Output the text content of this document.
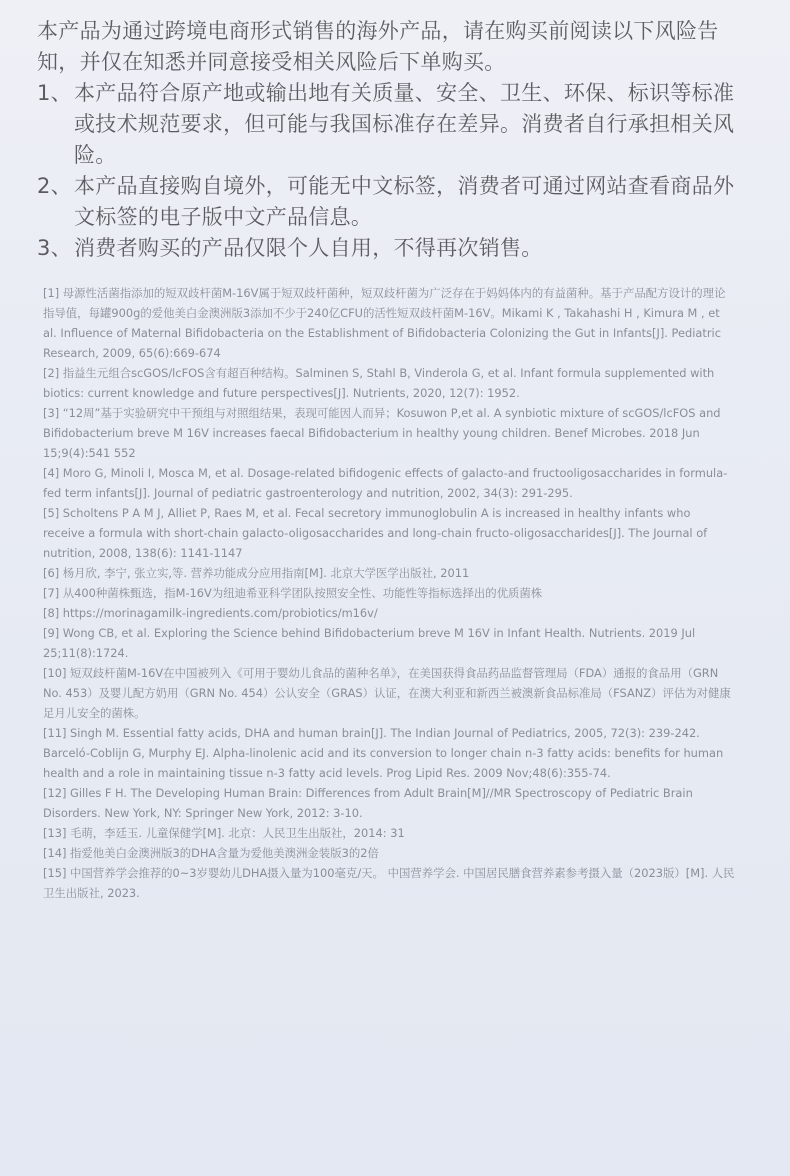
本产品为通过跨境电商形式销售的海外产品，请在购买前阅读以下风险告知，并仅在知悉并同意接受相关风险后下单购买。

1、 本产品符合原产地或输出地有关质量、安全、卫生、环保、标识等标准或技术规范要求，但可能与我国标准存在差异。消费者自行承担相关风险。
2、 本产品直接购自境外，可能无中文标签，消费者可通过网站查看商品外文标签的电子版中文产品信息。
3、 消费者购买的产品仅限个人自用，不得再次销售。
[1] 母源性活菌指添加的短双歧杆菌M-16V属于短双歧杆菌种，短双歧杆菌为广泛存在于妈妈体内的有益菌种。基于产品配方设计的理论指导值，每罐900g的爱他美白金澳洲版3添加不少于240亿CFU的活性短双歧杆菌M-16V。Mikami K , Takahashi H , Kimura M , et al. Influence of Maternal Bifidobacteria on the Establishment of Bifidobacteria Colonizing the Gut in Infants[J]. Pediatric Research, 2009, 65(6):669-674
[2] 指益生元组合scGOS/lcFOS含有超百种结构。Salminen S, Stahl B, Vinderola G, et al. Infant formula supplemented with biotics: current knowledge and future perspectives[J]. Nutrients, 2020, 12(7): 1952.
[3] “12周”基于实验研究中干预组与对照组结果，表现可能因人而异；Kosuwon P,et al. A synbiotic mixture of scGOS/lcFOS and Bifidobacterium breve M 16V increases faecal Bifidobacterium in healthy young children. Benef Microbes. 2018 Jun 15;9(4):541 552
[4] Moro G, Minoli I, Mosca M, et al. Dosage-related bifidogenic effects of galacto-and fructooligosaccharides in formula-fed term infants[J]. Journal of pediatric gastroenterology and nutrition, 2002, 34(3): 291-295.
[5] Scholtens P A M J, Alliet P, Raes M, et al. Fecal secretory immunoglobulin A is increased in healthy infants who receive a formula with short-chain galacto-oligosaccharides and long-chain fructo-oligosaccharides[J]. The Journal of nutrition, 2008, 138(6): 1141-1147
[6] 杨月欣, 李宁, 张立实,等. 营养功能成分应用指南[M]. 北京大学医学出版社, 2011
[7] 从400种菌株甄选，指M-16V为纽迪希亚科学团队按照安全性、功能性等指标选择出的优质菌株
[8] https://morinagamilk-ingredients.com/probiotics/m16v/
[9] Wong CB, et al. Exploring the Science behind Bifidobacterium breve M 16V in Infant Health. Nutrients. 2019 Jul 25;11(8):1724.
[10] 短双歧杆菌M-16V在中国被列入《可用于婴幼儿食品的菌种名单》，在美国获得食品药品监督管理局（FDA）通报的食品用（GRN No. 453）及婴儿配方奶用（GRN No. 454）公认安全（GRAS）认证，在澳大利亚和新西兰被澳新食品标准局（FSANZ）评估为对健康足月儿安全的菌株。
[11] Singh M. Essential fatty acids, DHA and human brain[J]. The Indian Journal of Pediatrics, 2005, 72(3): 239-242. Barceló-Coblijn G, Murphy EJ. Alpha-linolenic acid and its conversion to longer chain n-3 fatty acids: benefits for human health and a role in maintaining tissue n-3 fatty acid levels. Prog Lipid Res. 2009 Nov;48(6):355-74.
[12] Gilles F H. The Developing Human Brain: Differences from Adult Brain[M]//MR Spectroscopy of Pediatric Brain Disorders. New York, NY: Springer New York, 2012: 3-10.
[13] 毛萌，李廷玉. 儿童保健学[M]. 北京：人民卫生出版社，2014: 31
[14] 指爱他美白金澳洲版3的DHA含量为爱他美澳洲金装版3的2倍
[15] 中国营养学会推荐的0~3岁婴幼儿DHA摄入量为100毫克/天。 中国营养学会. 中国居民膳食营养素参考摄入量（2023版）[M]. 人民卫生出版社, 2023.
